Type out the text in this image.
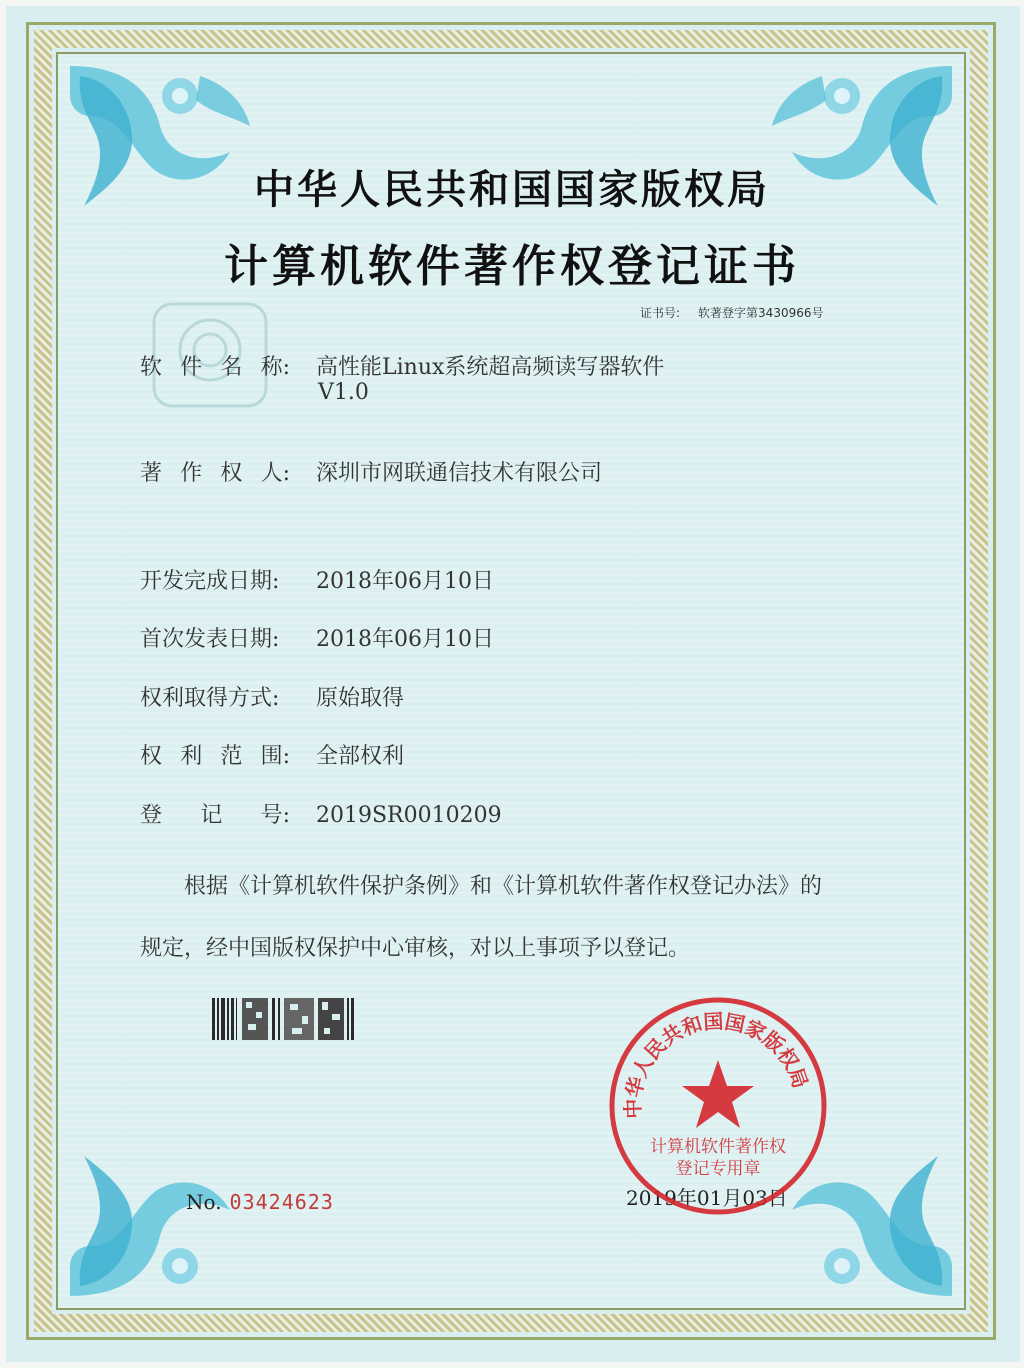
中华人民共和国国家版权局
计算机软件著作权登记证书
证书号: 软著登字第3430966号
软 件 名 称: 高性能Linux系统超高频读写器软件
V1.0
著 作 权 人: 深圳市网联通信技术有限公司
开发完成日期: 2018年06月10日
首次发表日期: 2018年06月10日
权利取得方式: 原始取得
权 利 范 围: 全部权利
登 记 号: 2019SR0010209
根据《计算机软件保护条例》和《计算机软件著作权登记办法》的
规定，经中国版权保护中心审核，对以上事项予以登记。
No. 03424623	2019年01月03日
中华人民共和国国家版权局
计算机软件著作权
登记专用章
